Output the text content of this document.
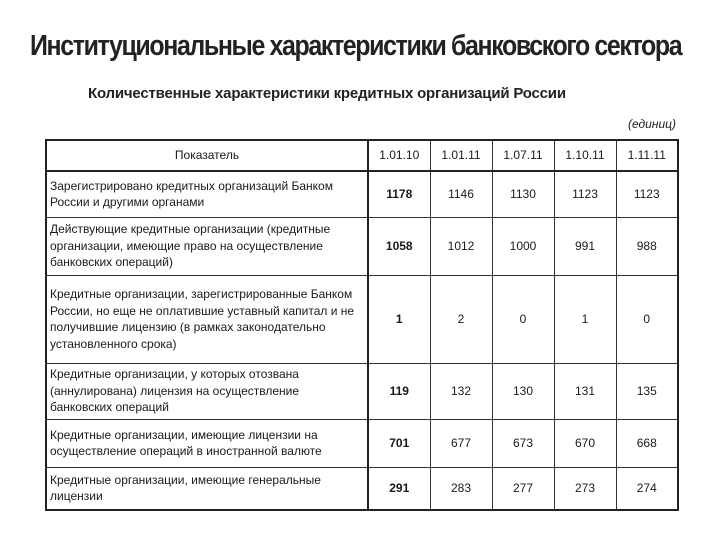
Институциональные характеристики банковского сектора
Количественные характеристики кредитных организаций России
(единиц)
Показатель	1.01.10	1.01.11	1.07.11	1.10.11	1.11.11
Зарегистрировано кредитных организаций Банком России и другими органами	1178	1146	1130	1123	1123
Действующие кредитные организации (кредитные организации, имеющие право на осуществление банковских операций)	1058	1012	1000	991	988
Кредитные организации, зарегистрированные Банком России, но еще не оплатившие уставный капитал и не получившие лицензию (в рамках законодательно установленного срока)	1	2	0	1	0
Кредитные организации, у которых отозвана (аннулирована) лицензия на осуществление банковских операций	119	132	130	131	135
Кредитные организации, имеющие лицензии на осуществление операций в иностранной валюте	701	677	673	670	668
Кредитные организации, имеющие генеральные лицензии	291	283	277	273	274
